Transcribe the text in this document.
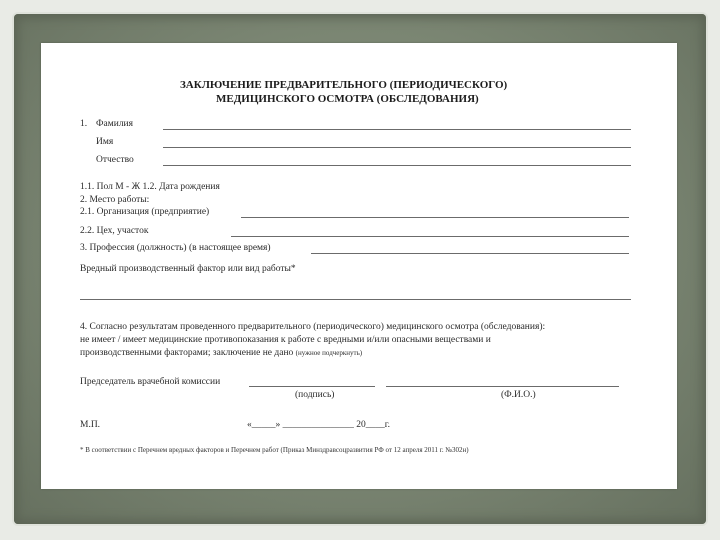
ЗАКЛЮЧЕНИЕ ПРЕДВАРИТЕЛЬНОГО (ПЕРИОДИЧЕСКОГО)
МЕДИЦИНСКОГО ОСМОТРА (ОБСЛЕДОВАНИЯ)
1. Фамилия
Имя
Отчество
1.1. Пол М - Ж 1.2. Дата рождения
2. Место работы:
2.1. Организация (предприятие)
2.2. Цех, участок
3. Профессия (должность) (в настоящее время)
Вредный производственный фактор или вид работы*
4. Согласно результатам проведенного предварительного (периодического) медицинского осмотра (обследования):
не имеет / имеет медицинские противопоказания к работе с вредными и/или опасными веществами и
производственными факторами; заключение не дано (нужное подчеркнуть)
Председатель врачебной комиссии
(подпись)	(Ф.И.О.)
М.П.	«_____» _______________ 20____г.
* В соответствии с Перечнем вредных факторов и Перечнем работ (Приказ Минздравсоцразвития РФ от 12 апреля 2011 г. №302н)
